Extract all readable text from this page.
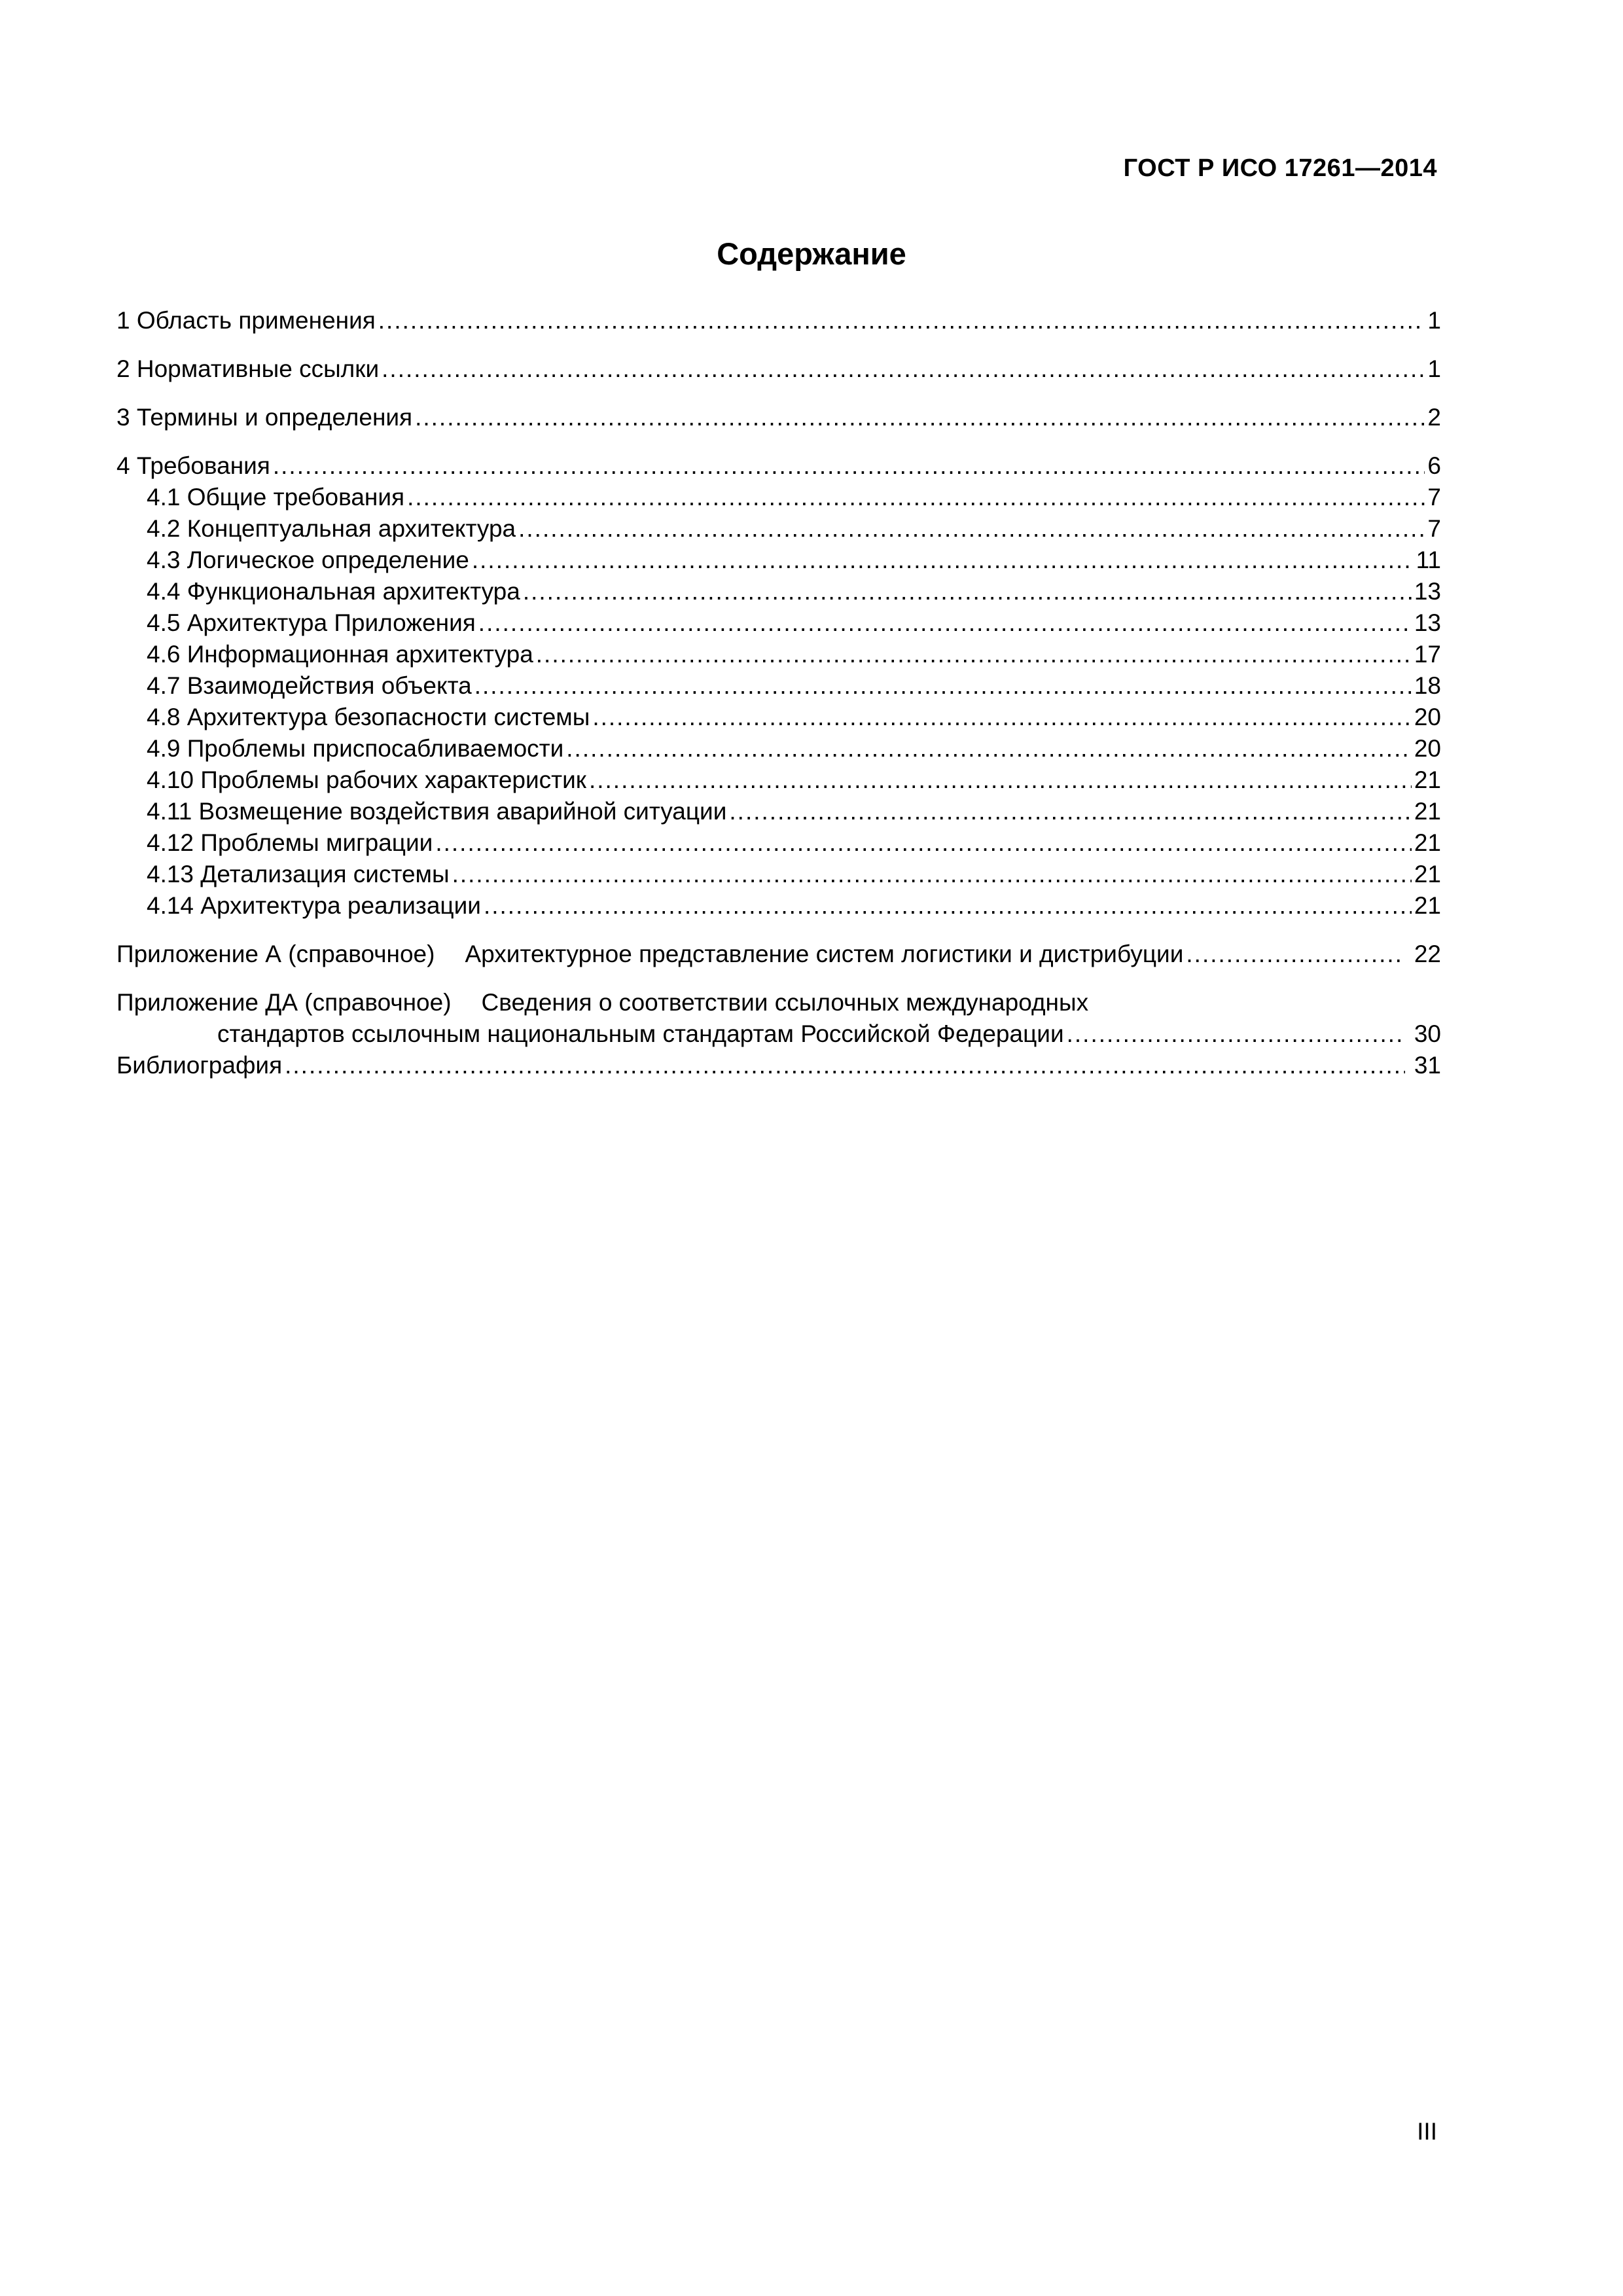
ГОСТ Р ИСО 17261—2014
Содержание
1 Область применения .....	1
2 Нормативные ссылки .....	1
3 Термины и определения .....	2
4 Требования .....	6
4.1 Общие требования .....	7
4.2 Концептуальная архитектура .....	7
4.3 Логическое определение .....	11
4.4 Функциональная архитектура .....	13
4.5 Архитектура Приложения .....	13
4.6 Информационная архитектура .....	17
4.7 Взаимодействия объекта .....	18
4.8 Архитектура безопасности системы .....	20
4.9 Проблемы приспосабливаемости .....	20
4.10 Проблемы рабочих характеристик .....	21
4.11 Возмещение воздействия аварийной ситуации .....	21
4.12 Проблемы миграции .....	21
4.13 Детализация системы .....	21
4.14 Архитектура реализации .....	21
Приложение А (справочное) Архитектурное представление систем логистики и дистрибуции .....	22
Приложение ДА (справочное) Сведения о соответствии ссылочных международных
стандартов ссылочным национальным стандартам Российской Федерации .....	30
Библиография .....	31
III
